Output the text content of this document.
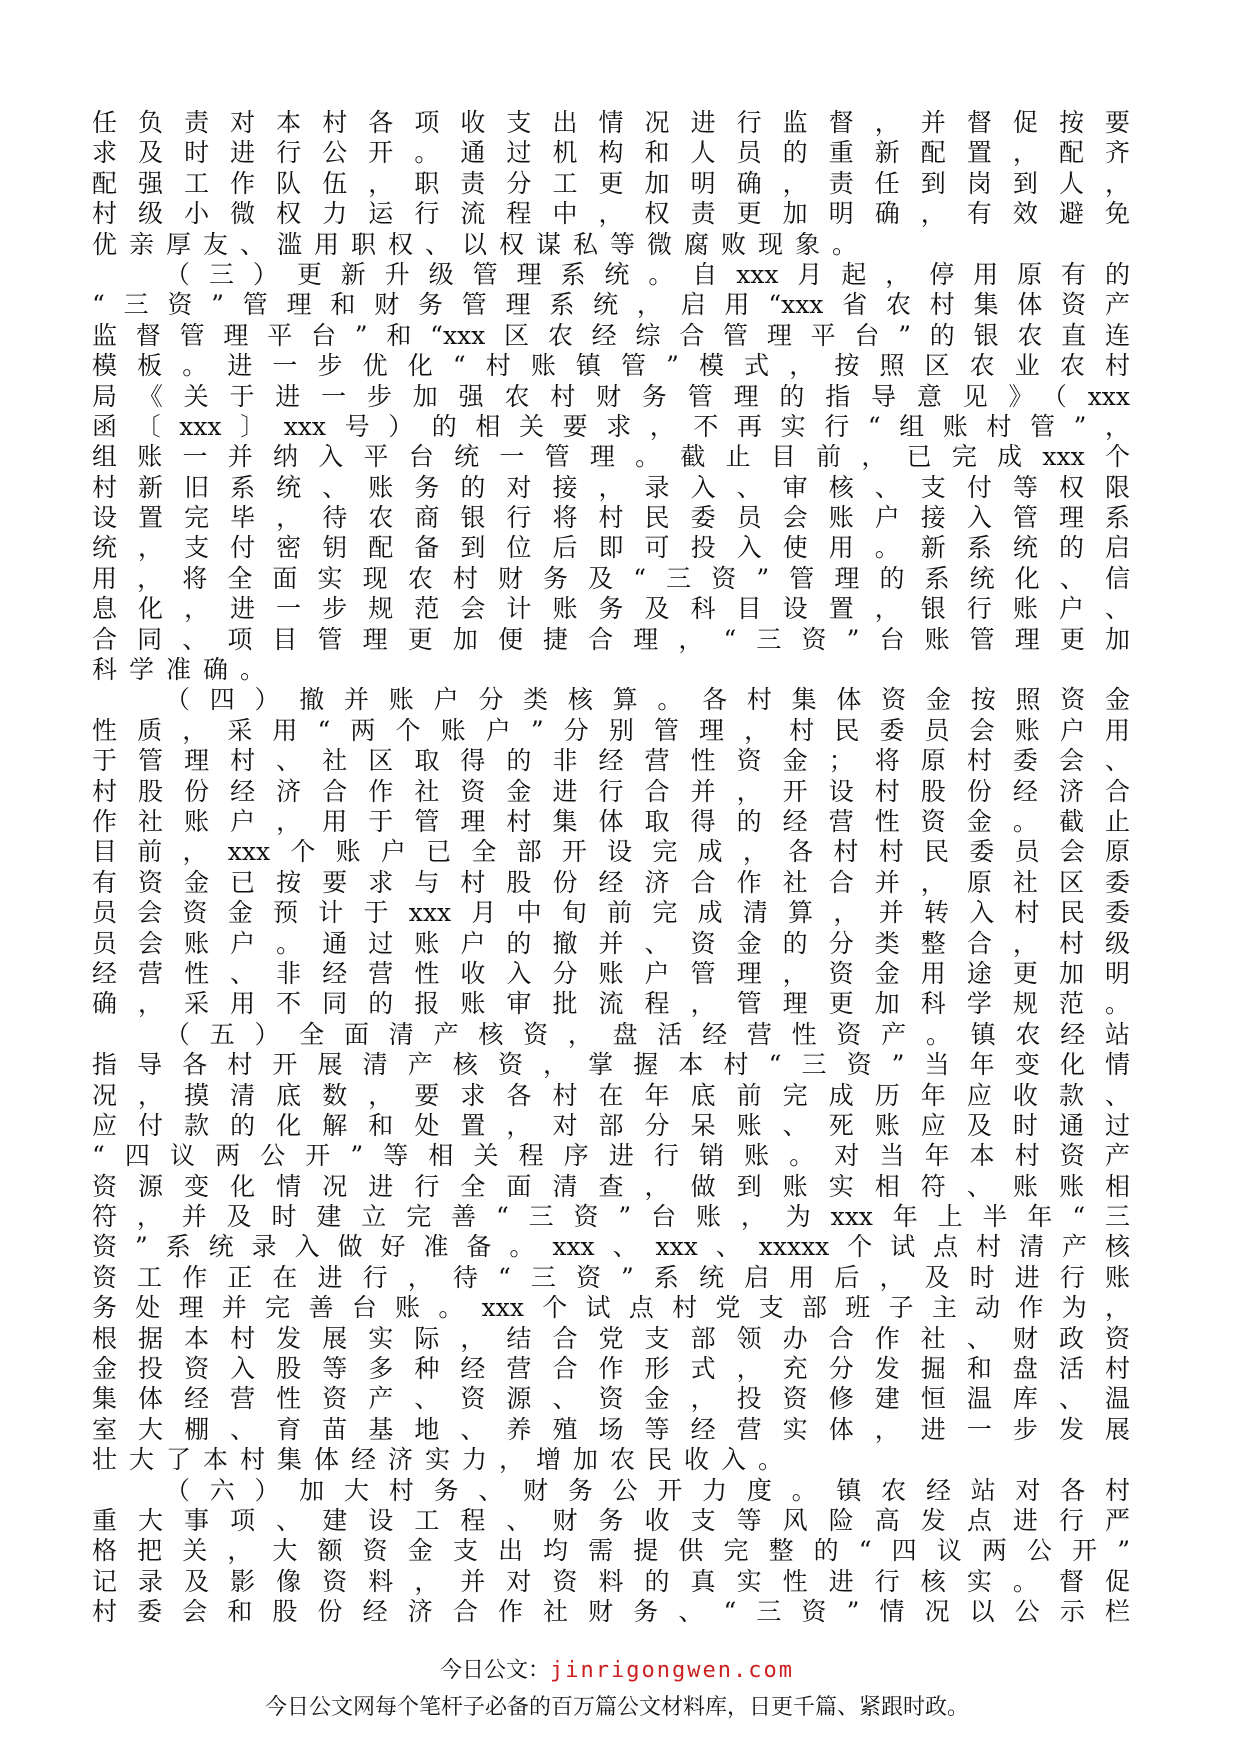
任负责对本村各项收支出情况进行监督，并督促按要
求及时进行公开。通过机构和人员的重新配置，配齐
配强工作队伍，职责分工更加明确，责任到岗到人，
村级小微权力运行流程中，权责更加明确，有效避免
优亲厚友、滥用职权、以权谋私等微腐败现象。
（三）更新升级管理系统。自xxx月起，停用原有的
“三资”管理和财务管理系统，启用“xxx省农村集体资产
监督管理平台”和“xxx区农经综合管理平台”的银农直连
模板。进一步优化“村账镇管”模式，按照区农业农村
局《关于进一步加强农村财务管理的指导意见》（xxx
函〔xxx〕xxx号）的相关要求，不再实行“组账村管”，
组账一并纳入平台统一管理。截止目前，已完成xxx个
村新旧系统、账务的对接，录入、审核、支付等权限
设置完毕，待农商银行将村民委员会账户接入管理系
统，支付密钥配备到位后即可投入使用。新系统的启
用，将全面实现农村财务及“三资”管理的系统化、信
息化，进一步规范会计账务及科目设置，银行账户、
合同、项目管理更加便捷合理，“三资”台账管理更加
科学准确。
（四）撤并账户分类核算。各村集体资金按照资金
性质，采用“两个账户”分别管理，村民委员会账户用
于管理村、社区取得的非经营性资金；将原村委会、
村股份经济合作社资金进行合并，开设村股份经济合
作社账户，用于管理村集体取得的经营性资金。截止
目前，xxx个账户已全部开设完成，各村村民委员会原
有资金已按要求与村股份经济合作社合并，原社区委
员会资金预计于xxx月中旬前完成清算，并转入村民委
员会账户。通过账户的撤并、资金的分类整合，村级
经营性、非经营性收入分账户管理，资金用途更加明
确，采用不同的报账审批流程，管理更加科学规范。
（五）全面清产核资，盘活经营性资产。镇农经站
指导各村开展清产核资，掌握本村“三资”当年变化情
况，摸清底数，要求各村在年底前完成历年应收款、
应付款的化解和处置，对部分呆账、死账应及时通过
“四议两公开”等相关程序进行销账。对当年本村资产
资源变化情况进行全面清查，做到账实相符、账账相
符，并及时建立完善“三资”台账，为xxx年上半年“三
资”系统录入做好准备。xxx、xxx、xxxxx个试点村清产核
资工作正在进行，待“三资”系统启用后，及时进行账
务处理并完善台账。xxx个试点村党支部班子主动作为，
根据本村发展实际，结合党支部领办合作社、财政资
金投资入股等多种经营合作形式，充分发掘和盘活村
集体经营性资产、资源、资金，投资修建恒温库、温
室大棚、育苗基地、养殖场等经营实体，进一步发展
壮大了本村集体经济实力，增加农民收入。
（六）加大村务、财务公开力度。镇农经站对各村
重大事项、建设工程、财务收支等风险高发点进行严
格把关，大额资金支出均需提供完整的“四议两公开”
记录及影像资料，并对资料的真实性进行核实。督促
村委会和股份经济合作社财务、“三资”情况以公示栏
今日公文：jinrigongwen.com
今日公文网每个笔杆子必备的百万篇公文材料库，日更千篇、紧跟时政。
